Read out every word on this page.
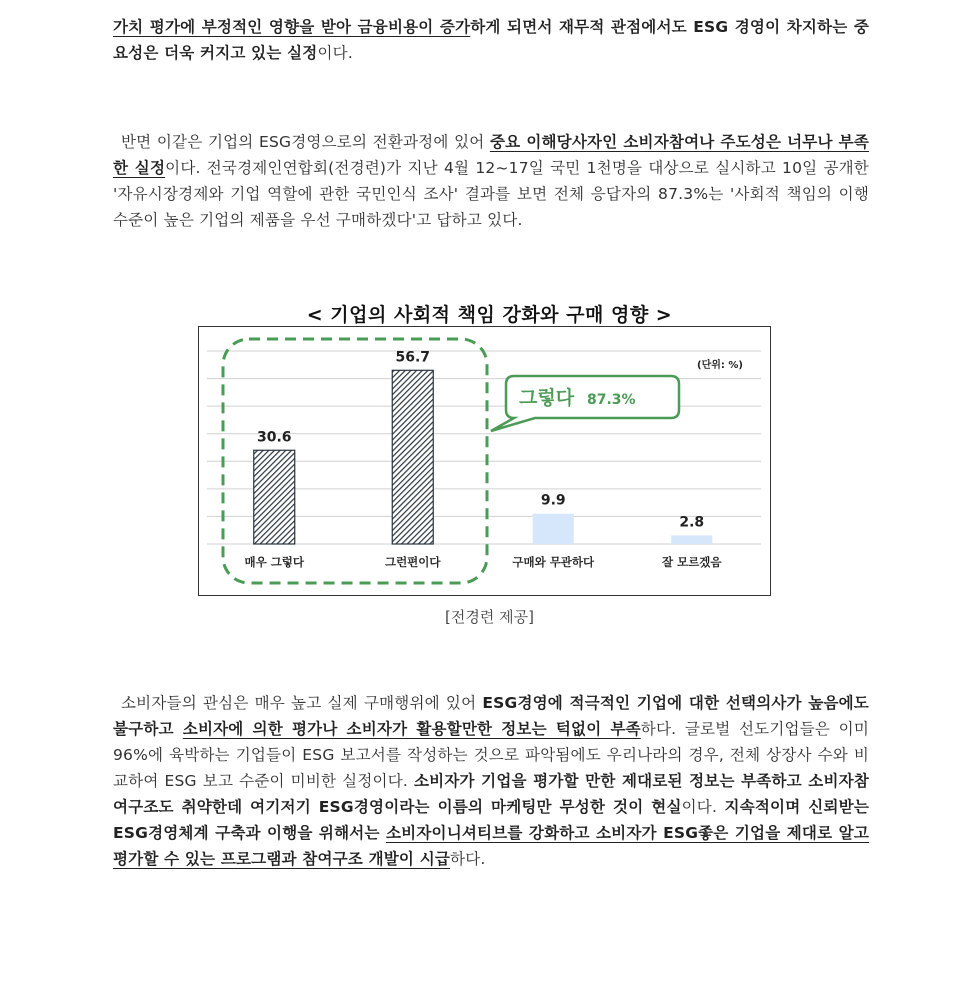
가치 평가에 부정적인 영향을 받아 금융비용이 증가하게 되면서 재무적 관점에서도 ESG 경영이 차지하는 중요성은 더욱 커지고 있는 실정이다.
반면 이같은 기업의 ESG경영으로의 전환과정에 있어 중요 이해당사자인 소비자참여나 주도성은 너무나 부족한 실정이다. 전국경제인연합회(전경련)가 지난 4월 12~17일 국민 1천명을 대상으로 실시하고 10일 공개한 '자유시장경제와 기업 역할에 관한 국민인식 조사' 결과를 보면 전체 응답자의 87.3%는 '사회적 책임의 이행 수준이 높은 기업의 제품을 우선 구매하겠다'고 답하고 있다.
< 기업의 사회적 책임 강화와 구매 영향 >
30.6
매우 그렇다
56.7
그런편이다
9.9
구매와 무관하다
2.8
잘 모르겠음
그렇다 87.3%
(단위: %)
[전경련 제공]
소비자들의 관심은 매우 높고 실제 구매행위에 있어 ESG경영에 적극적인 기업에 대한 선택의사가 높음에도 불구하고 소비자에 의한 평가나 소비자가 활용할만한 정보는 턱없이 부족하다. 글로벌 선도기업들은 이미 96%에 육박하는 기업들이 ESG 보고서를 작성하는 것으로 파악됨에도 우리나라의 경우, 전체 상장사 수와 비교하여 ESG 보고 수준이 미비한 실정이다. 소비자가 기업을 평가할 만한 제대로된 정보는 부족하고 소비자참여구조도 취약한데 여기저기 ESG경영이라는 이름의 마케팅만 무성한 것이 현실이다. 지속적이며 신뢰받는 ESG경영체계 구축과 이행을 위해서는 소비자이니셔티브를 강화하고 소비자가 ESG좋은 기업을 제대로 알고 평가할 수 있는 프로그램과 참여구조 개발이 시급하다.
